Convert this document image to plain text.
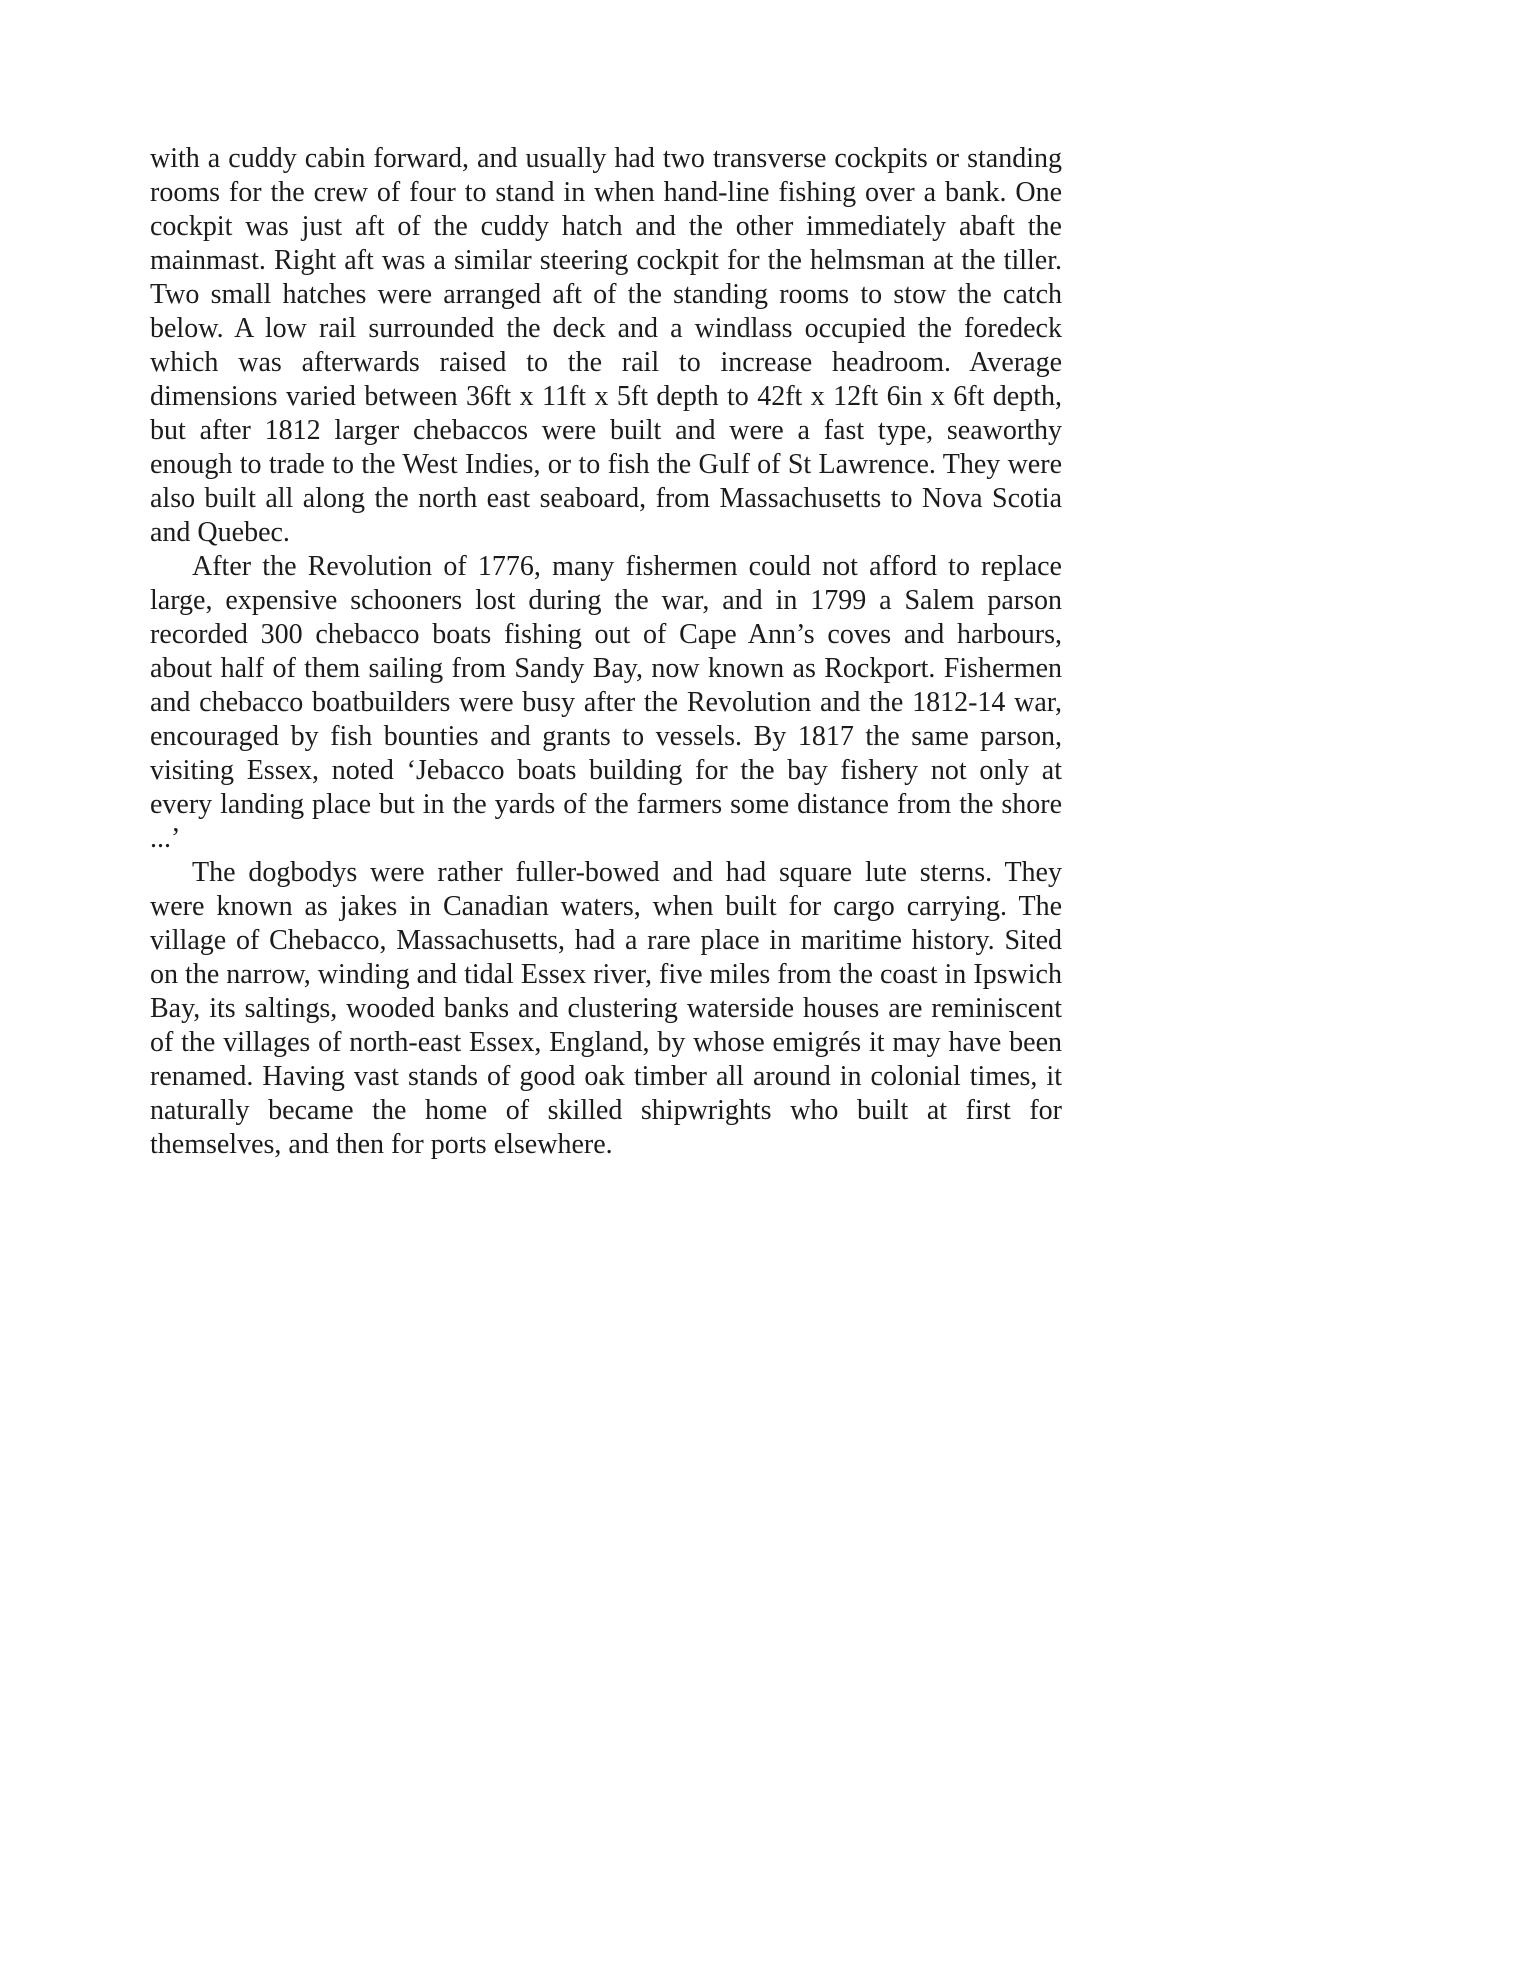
with a cuddy cabin forward, and usually had two transverse cockpits or standing rooms for the crew of four to stand in when hand-line fishing over a bank. One cockpit was just aft of the cuddy hatch and the other immediately abaft the mainmast. Right aft was a similar steering cockpit for the helmsman at the tiller. Two small hatches were arranged aft of the standing rooms to stow the catch below. A low rail surrounded the deck and a windlass occupied the foredeck which was afterwards raised to the rail to increase headroom. Average dimensions varied between 36ft x 11ft x 5ft depth to 42ft x 12ft 6in x 6ft depth, but after 1812 larger chebaccos were built and were a fast type, seaworthy enough to trade to the West Indies, or to fish the Gulf of St Lawrence. They were also built all along the north east seaboard, from Massachusetts to Nova Scotia and Quebec.

After the Revolution of 1776, many fishermen could not afford to replace large, expensive schooners lost during the war, and in 1799 a Salem parson recorded 300 chebacco boats fishing out of Cape Ann’s coves and harbours, about half of them sailing from Sandy Bay, now known as Rockport. Fishermen and chebacco boatbuilders were busy after the Revolution and the 1812-14 war, encouraged by fish bounties and grants to vessels. By 1817 the same parson, visiting Essex, noted ‘Jebacco boats building for the bay fishery not only at every landing place but in the yards of the farmers some distance from the shore ...’

The dogbodys were rather fuller-bowed and had square lute sterns. They were known as jakes in Canadian waters, when built for cargo carrying. The village of Chebacco, Massachusetts, had a rare place in maritime history. Sited on the narrow, winding and tidal Essex river, five miles from the coast in Ipswich Bay, its saltings, wooded banks and clustering waterside houses are reminiscent of the villages of north-east Essex, England, by whose emigrés it may have been renamed. Having vast stands of good oak timber all around in colonial times, it naturally became the home of skilled shipwrights who built at first for themselves, and then for ports elsewhere.
